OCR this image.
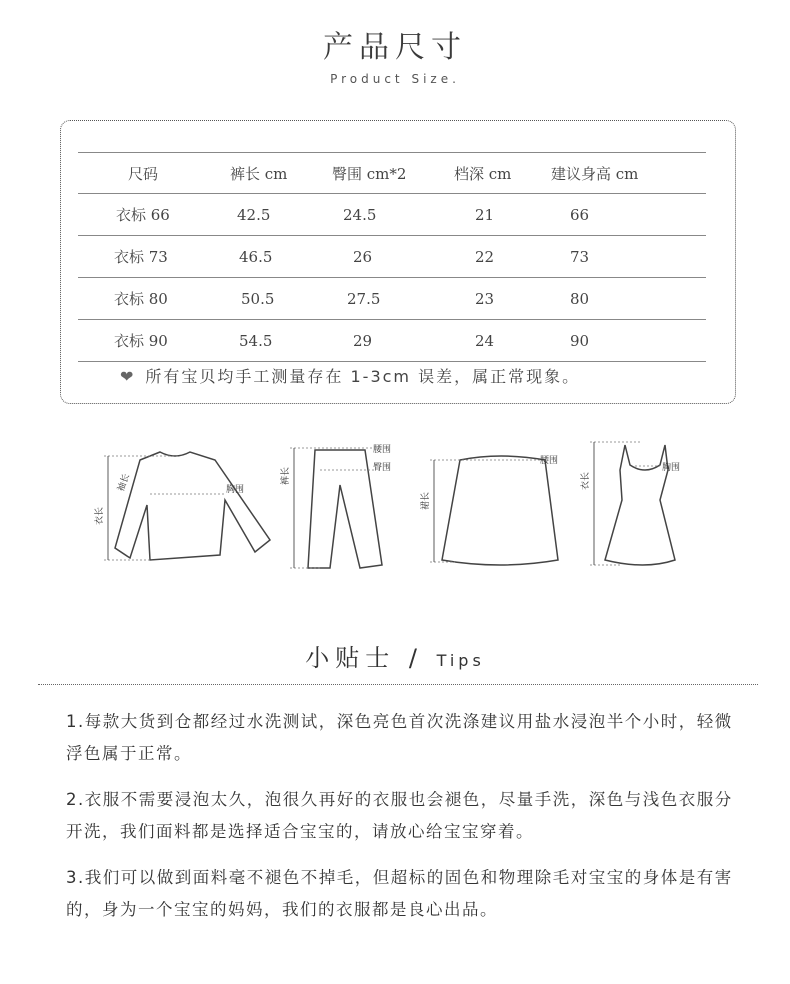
产品尺寸
Product Size.
尺码	裤长 cm	臀围 cm*2	档深 cm	建议身高 cm
衣标 66	42.5	24.5	21	66
衣标 73	46.5	26	22	73
衣标 80	50.5	27.5	23	80
衣标 90	54.5	29	24	90
❤ 所有宝贝均手工测量存在 1-3cm 误差，属正常现象。
衣长
袖长	胸围
裤长
腰围
臀围
裙长
腰围
衣长
胸围
小贴士 / Tips
1.每款大货到仓都经过水洗测试，深色亮色首次洗涤建议用盐水浸泡半个小时，轻微浮色属于正常。
2.衣服不需要浸泡太久，泡很久再好的衣服也会褪色，尽量手洗，深色与浅色衣服分开洗，我们面料都是选择适合宝宝的，请放心给宝宝穿着。
3.我们可以做到面料毫不褪色不掉毛，但超标的固色和物理除毛对宝宝的身体是有害的，身为一个宝宝的妈妈，我们的衣服都是良心出品。
